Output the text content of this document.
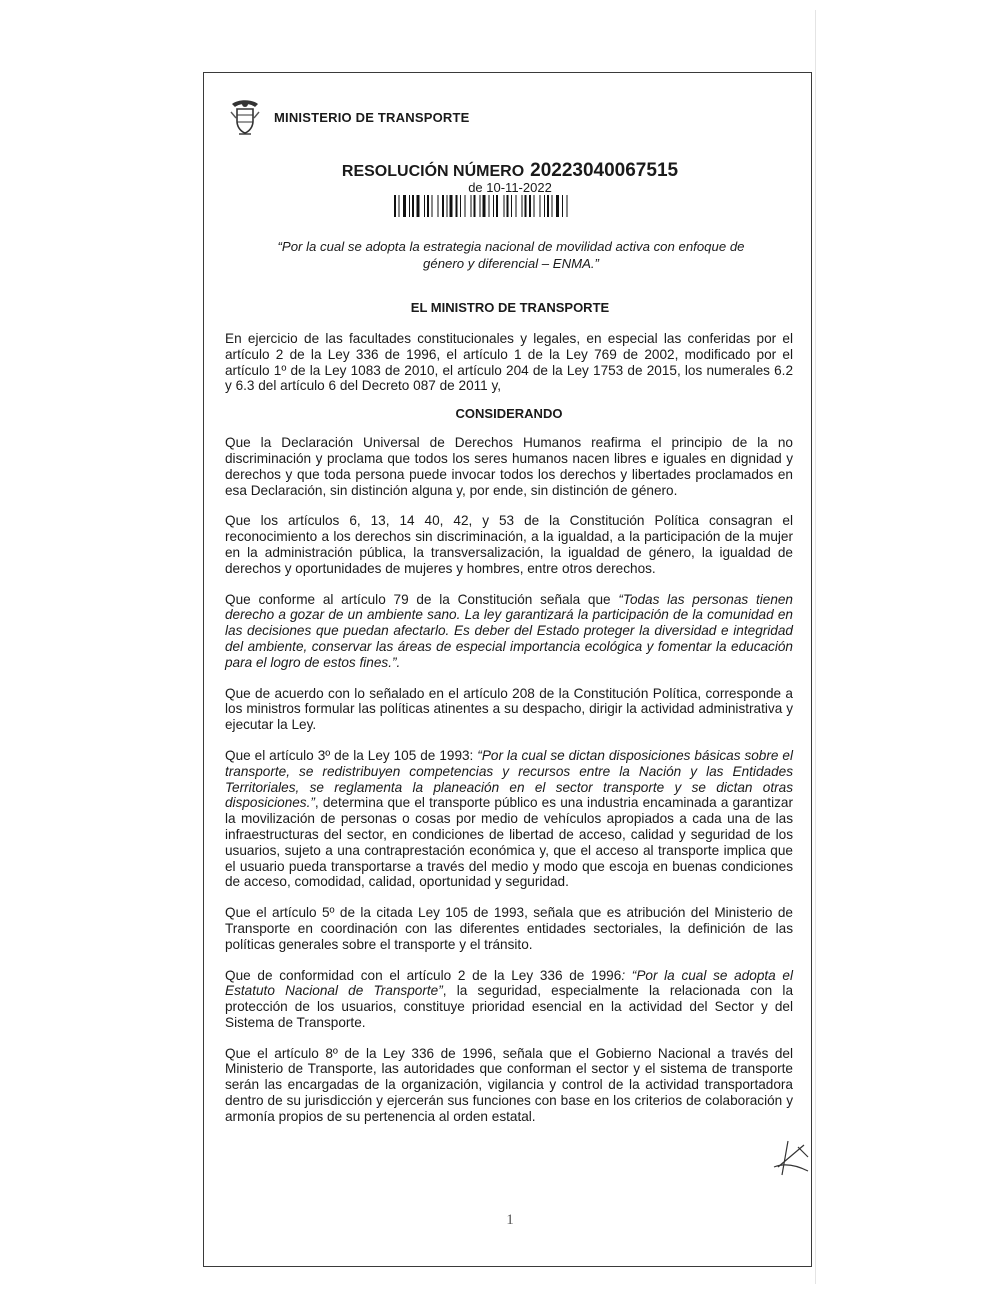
MINISTERIO DE TRANSPORTE
RESOLUCIÓN NÚMERO 20223040067515
de 10-11-2022
“Por la cual se adopta la estrategia nacional de movilidad activa con enfoque de
género y diferencial – ENMA.”
EL MINISTRO DE TRANSPORTE

En ejercicio de las facultades constitucionales y legales, en especial las conferidas por el artículo 2 de la Ley 336 de 1996, el artículo 1 de la Ley 769 de 2002, modificado por el artículo 1º de la Ley 1083 de 2010, el artículo 204 de la Ley 1753 de 2015, los numerales 6.2 y 6.3 del artículo 6 del Decreto 087 de 2011 y,

CONSIDERANDO

Que la Declaración Universal de Derechos Humanos reafirma el principio de la no discriminación y proclama que todos los seres humanos nacen libres e iguales en dignidad y derechos y que toda persona puede invocar todos los derechos y libertades proclamados en esa Declaración, sin distinción alguna y, por ende, sin distinción de género.

Que los artículos 6, 13, 14 40, 42, y 53 de la Constitución Política consagran el reconocimiento a los derechos sin discriminación, a la igualdad, a la participación de la mujer en la administración pública, la transversalización, la igualdad de género, la igualdad de derechos y oportunidades de mujeres y hombres, entre otros derechos.

Que conforme al artículo 79 de la Constitución señala que “Todas las personas tienen derecho a gozar de un ambiente sano. La ley garantizará la participación de la comunidad en las decisiones que puedan afectarlo. Es deber del Estado proteger la diversidad e integridad del ambiente, conservar las áreas de especial importancia ecológica y fomentar la educación para el logro de estos fines.”.

Que de acuerdo con lo señalado en el artículo 208 de la Constitución Política, corresponde a los ministros formular las políticas atinentes a su despacho, dirigir la actividad administrativa y ejecutar la Ley.

Que el artículo 3º de la Ley 105 de 1993: “Por la cual se dictan disposiciones básicas sobre el transporte, se redistribuyen competencias y recursos entre la Nación y las Entidades Territoriales, se reglamenta la planeación en el sector transporte y se dictan otras disposiciones.”, determina que el transporte público es una industria encaminada a garantizar la movilización de personas o cosas por medio de vehículos apropiados a cada una de las infraestructuras del sector, en condiciones de libertad de acceso, calidad y seguridad de los usuarios, sujeto a una contraprestación económica y, que el acceso al transporte implica que el usuario pueda transportarse a través del medio y modo que escoja en buenas condiciones de acceso, comodidad, calidad, oportunidad y seguridad.

Que el artículo 5º de la citada Ley 105 de 1993, señala que es atribución del Ministerio de Transporte en coordinación con las diferentes entidades sectoriales, la definición de las políticas generales sobre el transporte y el tránsito.

Que de conformidad con el artículo 2 de la Ley 336 de 1996: “Por la cual se adopta el Estatuto Nacional de Transporte”, la seguridad, especialmente la relacionada con la protección de los usuarios, constituye prioridad esencial en la actividad del Sector y del Sistema de Transporte.

Que el artículo 8º de la Ley 336 de 1996, señala que el Gobierno Nacional a través del Ministerio de Transporte, las autoridades que conforman el sector y el sistema de transporte serán las encargadas de la organización, vigilancia y control de la actividad transportadora dentro de su jurisdicción y ejercerán sus funciones con base en los criterios de colaboración y armonía propios de su pertenencia al orden estatal.

1
